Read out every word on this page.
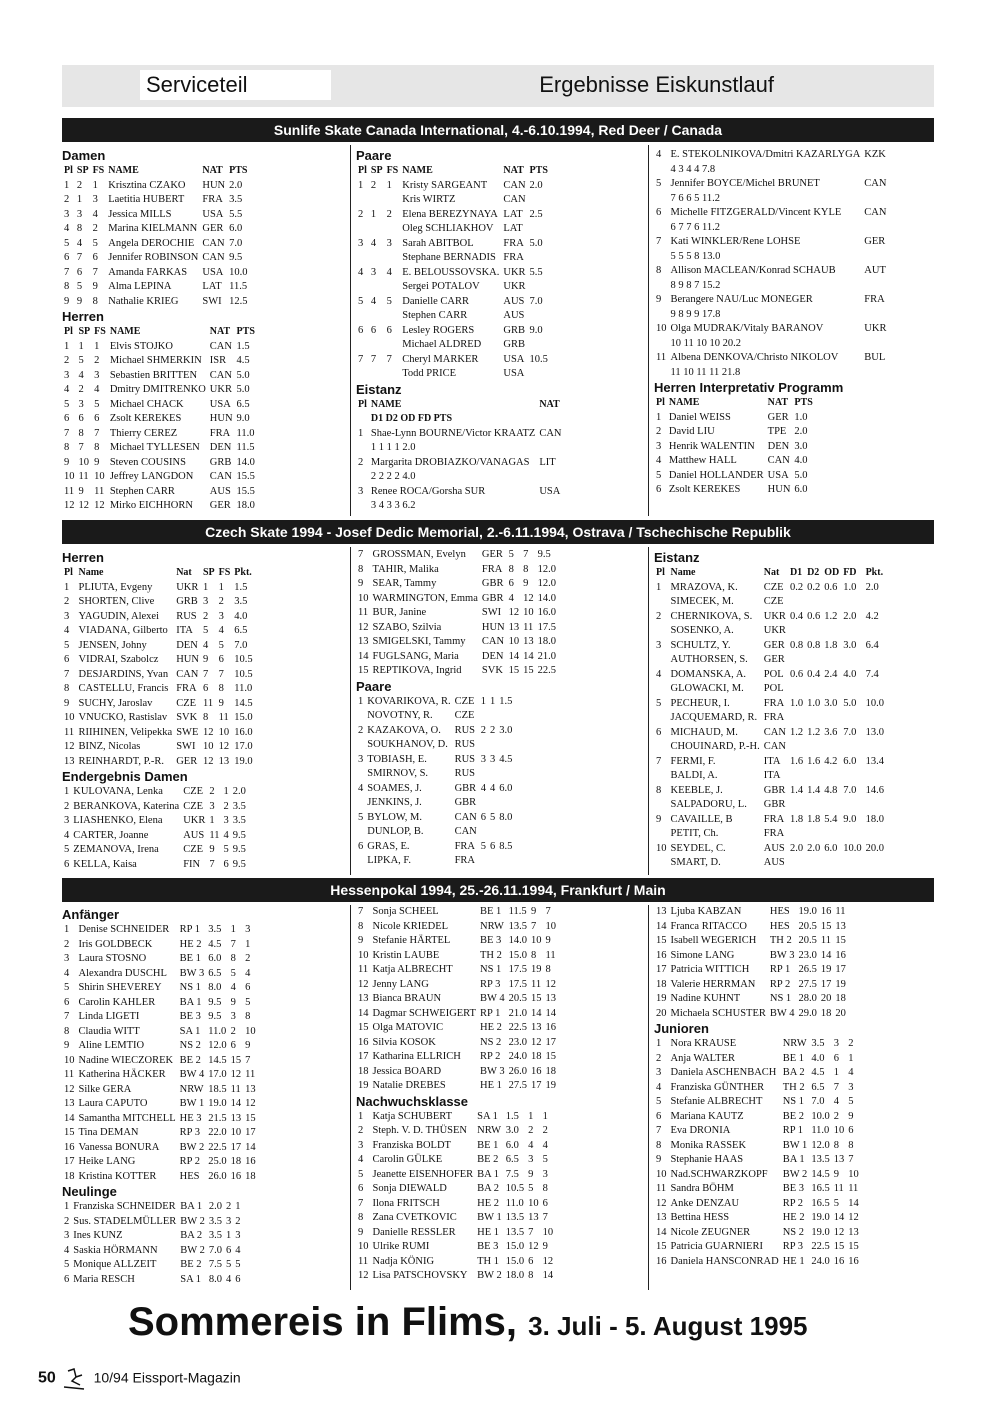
Serviceteil	Ergebnisse Eiskunstlauf
Sunlife Skate Canada International, 4.-6.10.1994, Red Deer / Canada
Damen
Pl	SP	FS	NAME	NAT	PTS
1	2	1	Krisztina CZAKO	HUN	2.0
2	1	3	Laetitia HUBERT	FRA	3.5
3	3	4	Jessica MILLS	USA	5.5
4	8	2	Marina KIELMANN	GER	6.0
5	4	5	Angela DEROCHIE	CAN	7.0
6	7	6	Jennifer ROBINSON	CAN	9.5
7	6	7	Amanda FARKAS	USA	10.0
8	5	9	Alma LEPINA	LAT	11.5
9	9	8	Nathalie KRIEG	SWI	12.5
Herren
Pl	SP	FS	NAME	NAT	PTS
1	1	1	Elvis STOJKO	CAN	1.5
2	5	2	Michael SHMERKIN	ISR	4.5
3	4	3	Sebastien BRITTEN	CAN	5.0
4	2	4	Dmitry DMITRENKO	UKR	5.0
5	3	5	Michael CHACK	USA	6.5
6	6	6	Zsolt KEREKES	HUN	9.0
7	8	7	Thierry CEREZ	FRA	11.0
8	7	8	Michael TYLLESEN	DEN	11.5
9	10	9	Steven COUSINS	GRB	14.0
10	11	10	Jeffrey LANGDON	CAN	15.5
11	9	11	Stephen CARR	AUS	15.5
12	12	12	Mirko EICHHORN	GER	18.0
Paare
Pl	SP	FS	NAME	NAT	PTS
1	2	1	Kristy SARGEANT	CAN	2.0
			Kris WIRTZ	CAN	
2	1	2	Elena BEREZYNAYA	LAT	2.5
			Oleg SCHLIAKHOV	LAT	
3	4	3	Sarah ABITBOL	FRA	5.0
			Stephane BERNADIS	FRA	
4	3	4	E. BELOUSSOVSKA.	UKR	5.5
			Sergei POTALOV	UKR	
5	4	5	Danielle CARR	AUS	7.0
			Stephen CARR	AUS	
6	6	6	Lesley ROGERS	GRB	9.0
			Michael ALDRED	GRB	
7	7	7	Cheryl MARKER	USA	10.5
			Todd PRICE	USA	
Eistanz
Pl	NAME	NAT
	D1 D2 OD FD PTS	
1	Shae-Lynn BOURNE/Victor KRAATZ	CAN
	1 1 1 1 2.0	
2	Margarita DROBIAZKO/VANAGAS	LIT
	2 2 2 2 4.0	
3	Renee ROCA/Gorsha SUR	USA
	3 4 3 3 6.2	
4	E. STEKOLNIKOVA/Dmitri KAZARLYGA	KZK
	4 3 4 4 7.8	
5	Jennifer BOYCE/Michel BRUNET	CAN
	7 6 6 5 11.2	
6	Michelle FITZGERALD/Vincent KYLE	CAN
	6 7 7 6 11.2	
7	Kati WINKLER/Rene LOHSE	GER
	5 5 5 8 13.0	
8	Allison MACLEAN/Konrad SCHAUB	AUT
	8 9 8 7 15.2	
9	Berangere NAU/Luc MONEGER	FRA
	9 8 9 9 17.8	
10	Olga MUDRAK/Vitaly BARANOV	UKR
	10 11 10 10 20.2	
11	Albena DENKOVA/Christo NIKOLOV	BUL
	11 10 11 11 21.8	
Herren Interpretativ Programm
Pl	NAME	NAT	PTS
1	Daniel WEISS	GER	1.0
2	David LIU	TPE	2.0
3	Henrik WALENTIN	DEN	3.0
4	Matthew HALL	CAN	4.0
5	Daniel HOLLANDER	USA	5.0
6	Zsolt KEREKES	HUN	6.0
Czech Skate 1994 - Josef Dedic Memorial, 2.-6.11.1994, Ostrava / Tschechische Republik
Herren
Pl	Name	Nat	SP	FS	Pkt.
1	PLIUTA, Evgeny	UKR	1	1	1.5
2	SHORTEN, Clive	GRB	3	2	3.5
3	YAGUDIN, Alexei	RUS	2	3	4.0
4	VIADANA, Gilberto	ITA	5	4	6.5
5	JENSEN, Johny	DEN	4	5	7.0
6	VIDRAI, Szabolcz	HUN	9	6	10.5
7	DESJARDINS, Yvan	CAN	7	7	10.5
8	CASTELLU, Francis	FRA	6	8	11.0
9	SUCHY, Jaroslav	CZE	11	9	14.5
10	VNUCKO, Rastislav	SVK	8	11	15.0
11	RIIHINEN, Velipekka	SWE	12	10	16.0
12	BINZ, Nicolas	SWI	10	12	17.0
13	REINHARDT, P.-R.	GER	12	13	19.0
Endergebnis Damen
1	KULOVANA, Lenka	CZE	2	1	2.0
2	BERANKOVA, Katerina	CZE	3	2	3.5
3	LIASHENKO, Elena	UKR	1	3	3.5
4	CARTER, Joanne	AUS	11	4	9.5
5	ZEMANOVA, Irena	CZE	9	5	9.5
6	KELLA, Kaisa	FIN	7	6	9.5
7	GROSSMAN, Evelyn	GER	5	7	9.5
8	TAHIR, Malika	FRA	8	8	12.0
9	SEAR, Tammy	GBR	6	9	12.0
10	WARMINGTON, Emma	GBR	4	12	14.0
11	BUR, Janine	SWI	12	10	16.0
12	SZABO, Szilvia	HUN	13	11	17.5
13	SMIGELSKI, Tammy	CAN	10	13	18.0
14	FUGLSANG, Maria	DEN	14	14	21.0
15	REPTIKOVA, Ingrid	SVK	15	15	22.5
Paare
1	KOVARIKOVA, R.	CZE	1	1	1.5
	NOVOTNY, R.	CZE			
2	KAZAKOVA, O.	RUS	2	2	3.0
	SOUKHANOV, D.	RUS			
3	TOBIASH, E.	RUS	3	3	4.5
	SMIRNOV, S.	RUS			
4	SOAMES, J.	GBR	4	4	6.0
	JENKINS, J.	GBR			
5	BYLOW, M.	CAN	6	5	8.0
	DUNLOP, B.	CAN			
6	GRAS, E.	FRA	5	6	8.5
	LIPKA, F.	FRA			
Eistanz
Pl	Name	Nat	D1	D2	OD	FD	Pkt.
1	MRAZOVA, K.	CZE	0.2	0.2	0.6	1.0	2.0
	SIMECEK, M.	CZE					
2	CHERNIKOVA, S.	UKR	0.4	0.6	1.2	2.0	4.2
	SOSENKO, A.	UKR					
3	SCHULTZ, Y.	GER	0.8	0.8	1.8	3.0	6.4
	AUTHORSEN, S.	GER					
4	DOMANSKA, A.	POL	0.6	0.4	2.4	4.0	7.4
	GLOWACKI, M.	POL					
5	PECHEUR, I.	FRA	1.0	1.0	3.0	5.0	10.0
	JACQUEMARD, R.	FRA					
6	MICHAUD, M.	CAN	1.2	1.2	3.6	7.0	13.0
	CHOUINARD, P.-H.	CAN					
7	FERMI, F.	ITA	1.6	1.6	4.2	6.0	13.4
	BALDI, A.	ITA					
8	KEEBLE, J.	GBR	1.4	1.4	4.8	7.0	14.6
	SALPADORU, L.	GBR					
9	CAVAILLE, B	FRA	1.8	1.8	5.4	9.0	18.0
	PETIT, Ch.	FRA					
10	SEYDEL, C.	AUS	2.0	2.0	6.0	10.0	20.0
	SMART, D.	AUS					
Hessenpokal 1994, 25.-26.11.1994, Frankfurt / Main
Anfänger
1	Denise SCHNEIDER	RP 1	3.5	1	3
2	Iris GOLDBECK	HE 2	4.5	7	1
3	Laura STOSNO	BE 1	6.0	8	2
4	Alexandra DUSCHL	BW 3	6.5	5	4
5	Shirin SHEVEREY	NS 1	8.0	4	6
6	Carolin KAHLER	BA 1	9.5	9	5
7	Linda LIGETI	BE 3	9.5	3	8
8	Claudia WITT	SA 1	11.0	2	10
9	Aline LEMTIO	NS 2	12.0	6	9
10	Nadine WIECZOREK	BE 2	14.5	15	7
11	Katherina HÄCKER	BW 4	17.0	12	11
12	Silke GERA	NRW	18.5	11	13
13	Laura CAPUTO	BW 1	19.0	14	12
14	Samantha MITCHELL	HE 3	21.5	13	15
15	Tina DEMAN	RP 3	22.0	10	17
16	Vanessa BONURA	BW 2	22.5	17	14
17	Heike LANG	RP 2	25.0	18	16
18	Kristina KOTTER	HES	26.0	16	18
Neulinge
1	Franziska SCHNEIDER	BA 1	2.0	2	1
2	Sus. STADELMÜLLER	BW 2	3.5	3	2
3	Ines KUNZ	BA 2	3.5	1	3
4	Saskia HÖRMANN	BW 2	7.0	6	4
5	Monique ALLZEIT	BE 2	7.5	5	5
6	Maria RESCH	SA 1	8.0	4	6
7	Sonja SCHEEL	BE 1	11.5	9	7
8	Nicole KRIEDEL	NRW	13.5	7	10
9	Stefanie HÄRTEL	BE 3	14.0	10	9
10	Kristin LAUBE	TH 2	15.0	8	11
11	Katja ALBRECHT	NS 1	17.5	19	8
12	Jenny LANG	RP 3	17.5	11	12
13	Bianca BRAUN	BW 4	20.5	15	13
14	Dagmar SCHWEIGERT	RP 1	21.0	14	14
15	Olga MATOVIC	HE 2	22.5	13	16
16	Silvia KOSOK	NS 2	23.0	12	17
17	Katharina ELLRICH	RP 2	24.0	18	15
18	Jessica BOARD	BW 3	26.0	16	18
19	Natalie DREBES	HE 1	27.5	17	19
Nachwuchsklasse
1	Katja SCHUBERT	SA 1	1.5	1	1
2	Steph. V. D. THÜSEN	NRW	3.0	2	2
3	Franziska BOLDT	BE 1	6.0	4	4
4	Carolin GÜLKE	BE 2	6.5	3	5
5	Jeanette EISENHOFER	BA 1	7.5	9	3
6	Sonja DIEWALD	BA 2	10.5	5	8
7	Ilona FRITSCH	HE 2	11.0	10	6
8	Zana CVETKOVIC	BW 1	13.5	13	7
9	Danielle RESSLER	HE 1	13.5	7	10
10	Ulrike RUMI	BE 3	15.0	12	9
11	Nadja KÖNIG	TH 1	15.0	6	12
12	Lisa PATSCHOVSKY	BW 2	18.0	8	14
13	Ljuba KABZAN	HES	19.0	16	11
14	Franca RITACCO	HES	20.5	15	13
15	Isabell WEGERICH	TH 2	20.5	11	15
16	Simone LANG	BW 3	23.0	14	16
17	Patricia WITTICH	RP 1	26.5	19	17
18	Valerie HERRMAN	RP 2	27.5	17	19
19	Nadine KUHNT	NS 1	28.0	20	18
20	Michaela SCHUSTER	BW 4	29.0	18	20
Junioren
1	Nora KRAUSE	NRW	3.5	3	2
2	Anja WALTER	BE 1	4.0	6	1
3	Daniela ASCHENBACH	BA 2	4.5	1	4
4	Franziska GÜNTHER	TH 2	6.5	7	3
5	Stefanie ALBRECHT	NS 1	7.0	4	5
6	Mariana KAUTZ	BE 2	10.0	2	9
7	Eva DRONIA	RP 1	11.0	10	6
8	Monika RASSEK	BW 1	12.0	8	8
9	Stephanie HAAS	BA 1	13.5	13	7
10	Nad.SCHWARZKOPF	BW 2	14.5	9	10
11	Sandra BÖHM	BE 3	16.5	11	11
12	Anke DENZAU	RP 2	16.5	5	14
13	Bettina HESS	HE 2	19.0	14	12
14	Nicole ZEUGNER	NS 2	19.0	12	13
15	Patricia GUARNIERI	RP 3	22.5	15	15
16	Daniela HANSCONRAD	HE 1	24.0	16	16
Sommereis in Flims, 3. Juli - 5. August 1995
50	10/94 Eissport-Magazin
